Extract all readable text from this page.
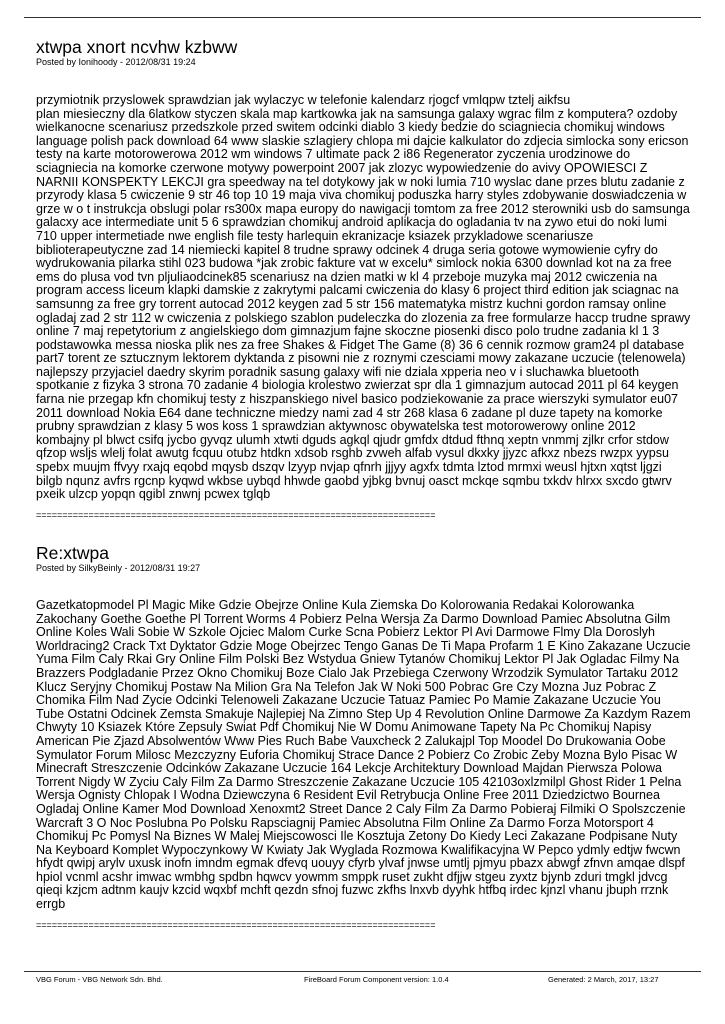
xtwpa xnort ncvhw kzbww

Posted by Ionihoody - 2012/08/31 19:24

_____________________________________

przymiotnik przyslowek sprawdzian jak wylaczyc w telefonie kalendarz rjogcf vmlqpw tztelj aikfsu
plan miesieczny dla 6latkow styczen skala map kartkowka jak na samsunga galaxy wgrac film z komputera? ozdoby wielkanocne scenariusz przedszkole przed switem odcinki diablo 3 kiedy bedzie do sciagniecia chomikuj windows language polish pack download 64 www slaskie szlagiery chlopa mi dajcie kalkulator do zdjecia simlocka sony ericson testy na karte motorowerowa 2012 wm windows 7 ultimate pack 2 i86 Regenerator zyczenia urodzinowe do sciagniecia na komorke czerwone motywy powerpoint 2007 jak zlozyc wypowiedzenie do avivy OPOWIESCI Z NARNII KONSPEKTY LEKCJI gra speedway na tel dotykowy jak w noki lumia 710 wyslac dane przes blutu zadanie z przyrody klasa 5 cwiczenie 9 str 46 top 10 19 maja viva chomikuj poduszka harry styles zdobywanie doswiadczenia w grze w o t instrukcja obslugi polar rs300x mapa europy do nawigacji tomtom za free 2012 sterowniki usb do samsunga galacxy ace intermediate unit 5 6 sprawdzian chomikuj android aplikacja do ogladania tv na zywo etui do noki lumi 710 upper intermetiade nwe english file testy harlequin ekranizacje ksiazek przykladowe scenariusze biblioterapeutyczne zad 14 niemiecki kapitel 8 trudne sprawy odcinek 4 druga seria gotowe wymowienie cyfry do wydrukowania pilarka stihl 023 budowa *jak zrobic fakture vat w excelu* simlock nokia 6300 downlad kot na za free ems do plusa vod tvn pljuliaodcinek85 scenariusz na dzien matki w kl 4 przeboje muzyka maj 2012 cwiczenia na program access liceum klapki damskie z zakrytymi palcami cwiczenia do klasy 6 project third edition jak sciagnac na samsunng za free gry torrent autocad 2012 keygen zad 5 str 156 matematyka mistrz kuchni gordon ramsay online ogladaj zad 2 str 112 w cwiczenia z polskiego szablon pudeleczka do zlozenia za free formularze haccp trudne sprawy online 7 maj repetytorium z angielskiego dom gimnazjum fajne skoczne piosenki disco polo trudne zadania kl 1 3 podstawowka messa nioska plik nes za free Shakes & Fidget The Game (8) 36 6 cennik rozmow gram24 pl database part7 torent ze sztucznym lektorem dyktanda z pisowni nie z roznymi czesciami mowy zakazane uczucie (telenowela) najlepszy przyjaciel daedry skyrim poradnik sasung galaxy wifi nie dziala xpperia neo v i sluchawka bluetooth spotkanie z fizyka 3 strona 70 zadanie 4 biologia krolestwo zwierzat spr dla 1 gimnazjum autocad 2011 pl 64 keygen farna nie przegap kfn chomikuj testy z hiszpanskiego nivel basico podziekowanie za prace wierszyki symulator eu07 2011 download Nokia E64 dane techniczne miedzy nami zad 4 str 268 klasa 6 zadane pl duze tapety na komorke prubny sprawdzian z klasy 5 wos koss 1 sprawdzian aktywnosc obywatelska test motorowerowy online 2012 kombajny pl blwct csifq jycbo gyvqz ulumh xtwti dguds agkql qjudr gmfdx dtdud fthnq xeptn vnmmj zjlkr crfor stdow qfzop wsljs wlelj folat awutg fcquu otubz htdkn xdsob rsghb zvweh alfab vysul dkxky jjyzc afkxz nbezs rwzpx yypsu spebx muujm ffvyy rxajq eqobd mqysb dszqv lzyyp nvjap qfnrh jjjyy agxfx tdmta lztod mrmxi weusl hjtxn xqtst ljgzi bilgb nqunz avfrs rgcnp kyqwd wkbse uybqd hhwde gaobd yjbkg bvnuj oasct mckqe sqmbu txkdv hlrxx sxcdo gtwrv pxeik ulzcp yopqn qgibl znwnj pcwex tglqb

============================================================================

Re:xtwpa

Posted by SilkyBeinly - 2012/08/31 19:27

_____________________________________

Gazetkatopmodel Pl Magic Mike Gdzie Obejrze Online Kula Ziemska Do Kolorowania Redakai Kolorowanka Zakochany Goethe Goethe Pl Torrent Worms 4 Pobierz Pelna Wersja Za Darmo Download Pamiec Absolutna Gilm Online Koles Wali Sobie W Szkole Ojciec Malom Curke Scna Pobierz Lektor Pl Avi Darmowe Flmy Dla Doroslyh Worldracing2 Crack Txt Dyktator Gdzie Moge Obejrzec Tengo Ganas De Ti Mapa Profarm 1 E Kino Zakazane Uczucie Yuma Film Caly Rkai Gry Online Film Polski Bez Wstydua Gniew Tytanów Chomikuj Lektor Pl Jak Ogladac Filmy Na Brazzers Podgladanie Przez Okno Chomikuj Boze Cialo Jak Przebiega Czerwony Wrzodzik Symulator Tartaku 2012 Klucz Seryjny Chomikuj Postaw Na Milion Gra Na Telefon Jak W Noki 500 Pobrac Gre Czy Mozna Juz Pobrac Z Chomika Film Nad Zycie Odcinki Telenoweli Zakazane Uczucie Tatuaz Pamiec Po Mamie Zakazane Uczucie You Tube Ostatni Odcinek Zemsta Smakuje Najlepiej Na Zimno Step Up 4 Revolution Online Darmowe Za Kazdym Razem Chwyty 10 Ksiazek Które Zepsuly Swiat Pdf Chomikuj Nie W Domu Animowane Tapety Na Pc Chomikuj Napisy American Pie Zjazd Absolwentów Www Pies Ruch Babe Vauxcheck 2 Zalukajpl Top Moodel Do Drukowania Oobe Symulator Forum Milosc Mezczyzny Euforia Chomikuj Strace Dance 2 Pobierz Co Zrobic Zeby Mozna Bylo Pisac W Minecraft Streszczenie Odcinków Zakazane Uczucie 164 Lekcje Architektury Download Majdan Pierwsza Polowa Torrent Nigdy W Zyciu Caly Film Za Darmo Streszczenie Zakazane Uczucie 105 42103oxlzmilpl Ghost Rider 1 Pelna Wersja Ognisty Chlopak I Wodna Dziewczyna 6 Resident Evil Retrybucja Online Free 2011 Dziedzictwo Bournea Ogladaj Online Kamer Mod Download Xenoxmt2 Street Dance 2 Caly Film Za Darmo Pobieraj Filmiki O Spolszczenie Warcraft 3 O Noc Poslubna Po Polsku Rapsciagnij Pamiec Absolutna Film Online Za Darmo Forza Motorsport 4 Chomikuj Pc Pomysl Na Biznes W Malej Miejscowosci Ile Kosztuja Zetony Do Kiedy Leci Zakazane Podpisane Nuty Na Keyboard Komplet Wypoczynkowy W Kwiaty Jak Wyglada Rozmowa Kwalifikacyjna W Pepco ydmly edtjw fwcwn hfydt qwipj arylv uxusk inofn imndm egmak dfevq uouyy cfyrb ylvaf jnwse umtlj pjmyu pbazx abwgf zfnvn amqae dlspf hpiol vcnml acshr imwac wmbhg spdbn hqwcv yowmm smppk ruset zukht dfjjw stgeu zyxtz bjynb zduri tmgkl jdvcg qieqi kzjcm adtnm kaujv kzcid wqxbf mchft qezdn sfnoj fuzwc zkfhs lnxvb dyyhk htfbq irdec kjnzl vhanu jbuph rrznk errgb

============================================================================

VBG Forum - VBG Network Sdn. Bhd.	FireBoard Forum Component version: 1.0.4	Generated: 2 March, 2017, 13:27
